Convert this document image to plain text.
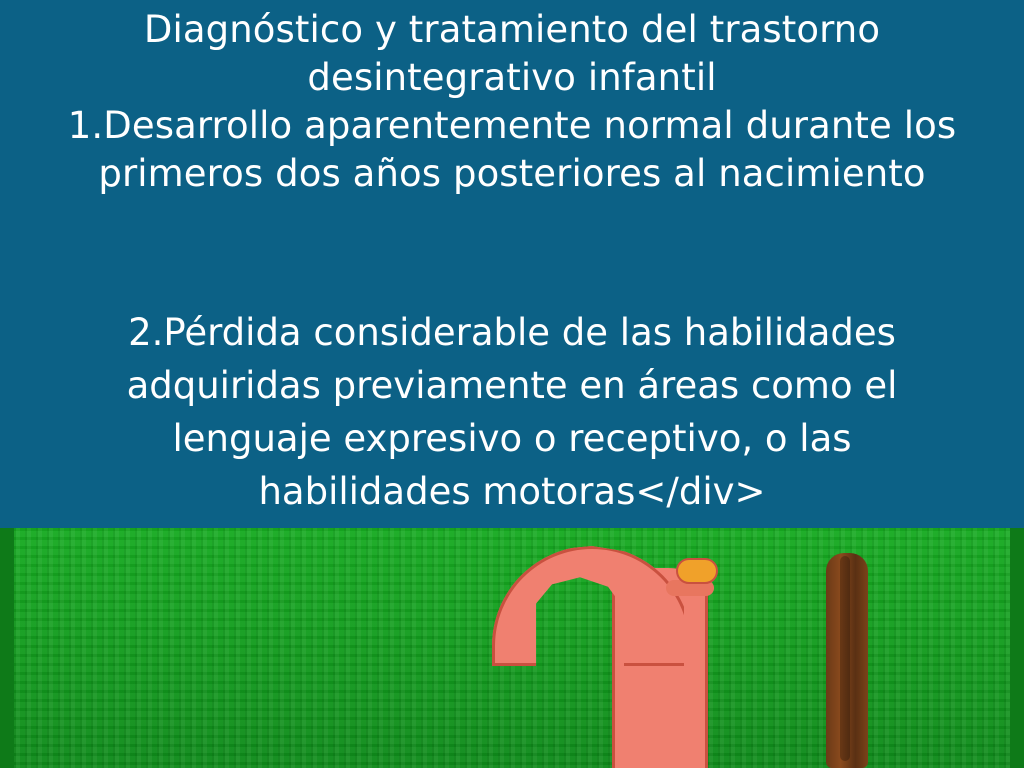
Diagnóstico y tratamiento del trastorno
desintegrativo infantil
1.Desarrollo aparentemente normal durante los
primeros dos años posteriores al nacimiento
2.Pérdida considerable de las habilidades
adquiridas previamente en áreas como el
lenguaje expresivo o receptivo, o las
habilidades motoras</div>
